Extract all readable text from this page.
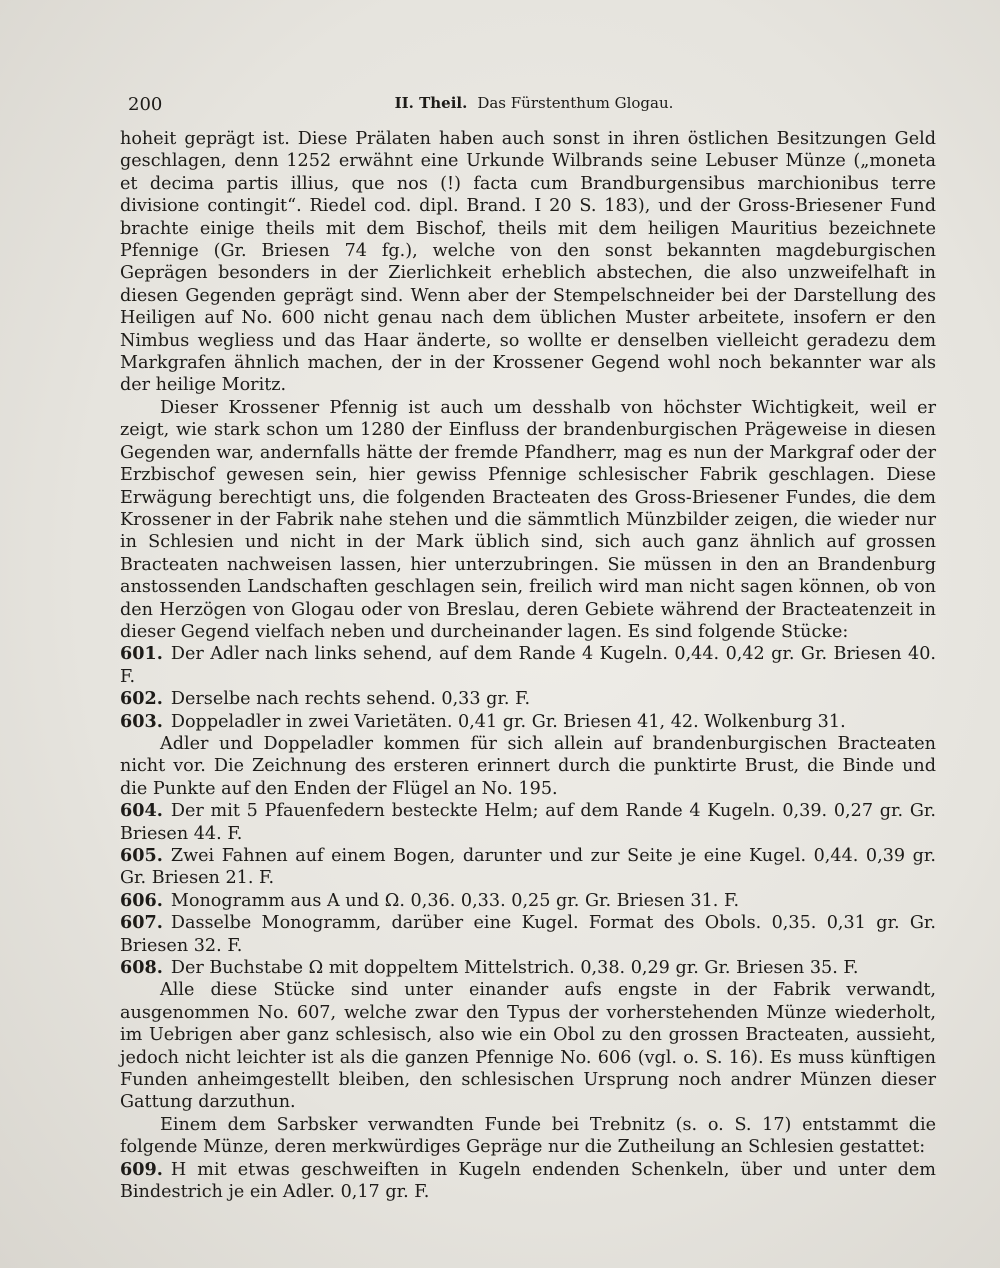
200	II. Theil. Das Fürstenthum Glogau.

hoheit geprägt ist. Diese Prälaten haben auch sonst in ihren östlichen Besitzungen Geld geschlagen, denn 1252 erwähnt eine Urkunde Wilbrands seine Lebuser Münze („moneta et decima partis illius, que nos (!) facta cum Brandburgensibus marchionibus terre divisione contingit“. Riedel cod. dipl. Brand. I 20 S. 183), und der Gross-Briesener Fund brachte einige theils mit dem Bischof, theils mit dem heiligen Mauritius bezeichnete Pfennige (Gr. Briesen 74 fg.), welche von den sonst bekannten magdeburgischen Geprägen besonders in der Zierlichkeit erheblich abstechen, die also unzweifelhaft in diesen Gegenden geprägt sind. Wenn aber der Stempelschneider bei der Darstellung des Heiligen auf No. 600 nicht genau nach dem üblichen Muster arbeitete, insofern er den Nimbus wegliess und das Haar änderte, so wollte er denselben vielleicht geradezu dem Markgrafen ähnlich machen, der in der Krossener Gegend wohl noch bekannter war als der heilige Moritz.

Dieser Krossener Pfennig ist auch um desshalb von höchster Wichtigkeit, weil er zeigt, wie stark schon um 1280 der Einfluss der brandenburgischen Prägeweise in diesen Gegenden war, andernfalls hätte der fremde Pfandherr, mag es nun der Markgraf oder der Erzbischof gewesen sein, hier gewiss Pfennige schlesischer Fabrik geschlagen. Diese Erwägung berechtigt uns, die folgenden Bracteaten des Gross-Briesener Fundes, die dem Krossener in der Fabrik nahe stehen und die sämmtlich Münzbilder zeigen, die wieder nur in Schlesien und nicht in der Mark üblich sind, sich auch ganz ähnlich auf grossen Bracteaten nachweisen lassen, hier unterzubringen. Sie müssen in den an Brandenburg anstossenden Landschaften geschlagen sein, freilich wird man nicht sagen können, ob von den Herzögen von Glogau oder von Breslau, deren Gebiete während der Bracteatenzeit in dieser Gegend vielfach neben und durcheinander lagen. Es sind folgende Stücke:

601. Der Adler nach links sehend, auf dem Rande 4 Kugeln. 0,44. 0,42 gr. Gr. Briesen 40. F.

602. Derselbe nach rechts sehend. 0,33 gr. F.

603. Doppeladler in zwei Varietäten. 0,41 gr. Gr. Briesen 41, 42. Wolkenburg 31.

Adler und Doppeladler kommen für sich allein auf brandenburgischen Bracteaten nicht vor. Die Zeichnung des ersteren erinnert durch die punktirte Brust, die Binde und die Punkte auf den Enden der Flügel an No. 195.

604. Der mit 5 Pfauenfedern besteckte Helm; auf dem Rande 4 Kugeln. 0,39. 0,27 gr. Gr. Briesen 44. F.

605. Zwei Fahnen auf einem Bogen, darunter und zur Seite je eine Kugel. 0,44. 0,39 gr. Gr. Briesen 21. F.

606. Monogramm aus A und Ω. 0,36. 0,33. 0,25 gr. Gr. Briesen 31. F.

607. Dasselbe Monogramm, darüber eine Kugel. Format des Obols. 0,35. 0,31 gr. Gr. Briesen 32. F.

608. Der Buchstabe Ω mit doppeltem Mittelstrich. 0,38. 0,29 gr. Gr. Briesen 35. F.

Alle diese Stücke sind unter einander aufs engste in der Fabrik verwandt, ausgenommen No. 607, welche zwar den Typus der vorherstehenden Münze wiederholt, im Uebrigen aber ganz schlesisch, also wie ein Obol zu den grossen Bracteaten, aussieht, jedoch nicht leichter ist als die ganzen Pfennige No. 606 (vgl. o. S. 16). Es muss künftigen Funden anheimgestellt bleiben, den schlesischen Ursprung noch andrer Münzen dieser Gattung darzuthun.

Einem dem Sarbsker verwandten Funde bei Trebnitz (s. o. S. 17) entstammt die folgende Münze, deren merkwürdiges Gepräge nur die Zutheilung an Schlesien gestattet:

609. H mit etwas geschweiften in Kugeln endenden Schenkeln, über und unter dem Bindestrich je ein Adler. 0,17 gr. F.
